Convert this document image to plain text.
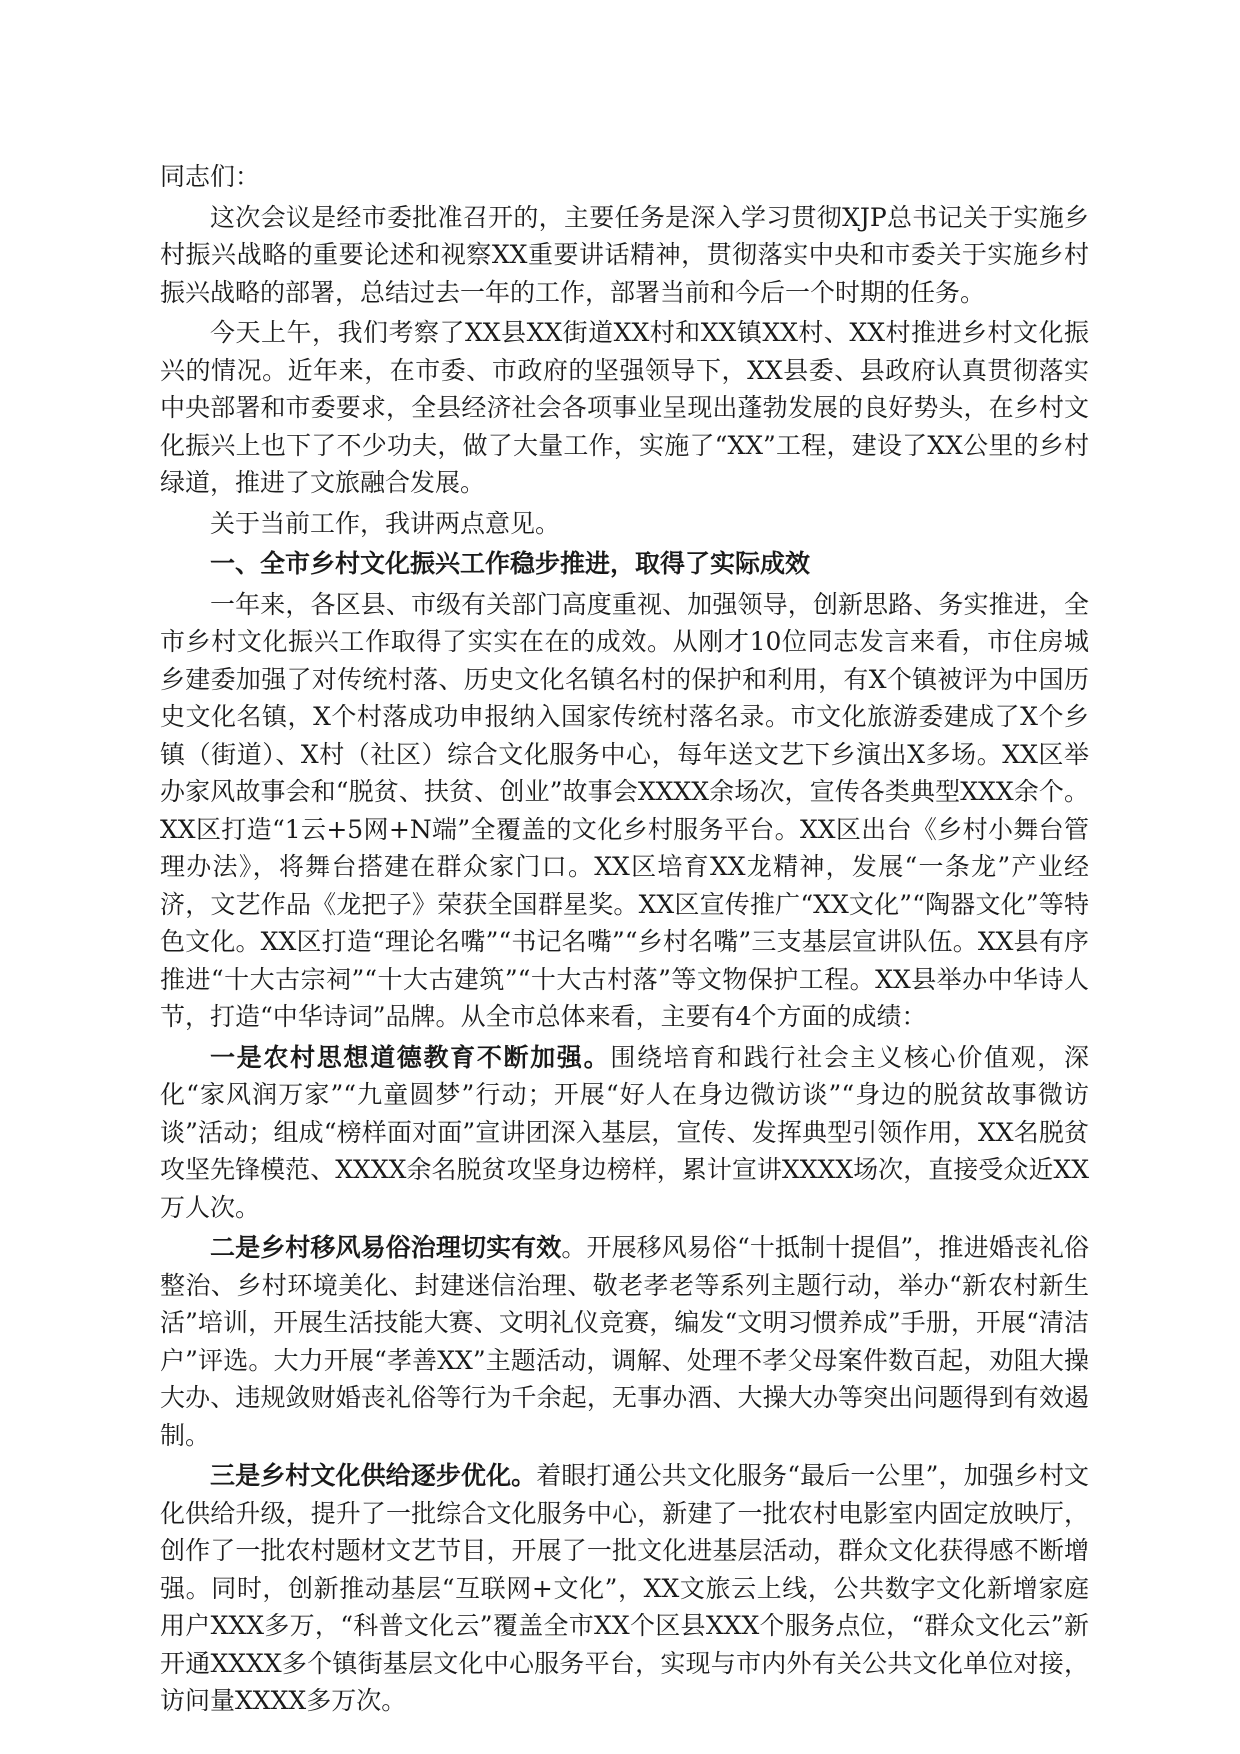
同志们：

这次会议是经市委批准召开的，主要任务是深入学习贯彻XJP总书记关于实施乡村振兴战略的重要论述和视察XX重要讲话精神，贯彻落实中央和市委关于实施乡村振兴战略的部署，总结过去一年的工作，部署当前和今后一个时期的任务。

今天上午，我们考察了XX县XX街道XX村和XX镇XX村、XX村推进乡村文化振兴的情况。近年来，在市委、市政府的坚强领导下，XX县委、县政府认真贯彻落实中央部署和市委要求，全县经济社会各项事业呈现出蓬勃发展的良好势头，在乡村文化振兴上也下了不少功夫，做了大量工作，实施了“XX”工程，建设了XX公里的乡村绿道，推进了文旅融合发展。

关于当前工作，我讲两点意见。

一、全市乡村文化振兴工作稳步推进，取得了实际成效

一年来，各区县、市级有关部门高度重视、加强领导，创新思路、务实推进，全市乡村文化振兴工作取得了实实在在的成效。从刚才10位同志发言来看，市住房城乡建委加强了对传统村落、历史文化名镇名村的保护和利用，有X个镇被评为中国历史文化名镇，X个村落成功申报纳入国家传统村落名录。市文化旅游委建成了X个乡镇（街道）、X村（社区）综合文化服务中心，每年送文艺下乡演出X多场。XX区举办家风故事会和“脱贫、扶贫、创业”故事会XXXX余场次，宣传各类典型XXX余个。XX区打造“1云+5网+N端”全覆盖的文化乡村服务平台。XX区出台《乡村小舞台管理办法》，将舞台搭建在群众家门口。XX区培育XX龙精神，发展“一条龙”产业经济，文艺作品《龙把子》荣获全国群星奖。XX区宣传推广“XX文化”“陶器文化”等特色文化。XX区打造“理论名嘴”“书记名嘴”“乡村名嘴”三支基层宣讲队伍。XX县有序推进“十大古宗祠”“十大古建筑”“十大古村落”等文物保护工程。XX县举办中华诗人节，打造“中华诗词”品牌。从全市总体来看，主要有4个方面的成绩：

一是农村思想道德教育不断加强。围绕培育和践行社会主义核心价值观，深化“家风润万家”“九童圆梦”行动；开展“好人在身边微访谈”“身边的脱贫故事微访谈”活动；组成“榜样面对面”宣讲团深入基层，宣传、发挥典型引领作用，XX名脱贫攻坚先锋模范、XXXX余名脱贫攻坚身边榜样，累计宣讲XXXX场次，直接受众近XX万人次。

二是乡村移风易俗治理切实有效。开展移风易俗“十抵制十提倡”，推进婚丧礼俗整治、乡村环境美化、封建迷信治理、敬老孝老等系列主题行动，举办“新农村新生活”培训，开展生活技能大赛、文明礼仪竞赛，编发“文明习惯养成”手册，开展“清洁户”评选。大力开展“孝善XX”主题活动，调解、处理不孝父母案件数百起，劝阻大操大办、违规敛财婚丧礼俗等行为千余起，无事办酒、大操大办等突出问题得到有效遏制。

三是乡村文化供给逐步优化。着眼打通公共文化服务“最后一公里”，加强乡村文化供给升级，提升了一批综合文化服务中心，新建了一批农村电影室内固定放映厅，创作了一批农村题材文艺节目，开展了一批文化进基层活动，群众文化获得感不断增强。同时，创新推动基层“互联网+文化”，XX文旅云上线，公共数字文化新增家庭用户XXX多万，“科普文化云”覆盖全市XX个区县XXX个服务点位，“群众文化云”新开通XXXX多个镇街基层文化中心服务平台，实现与市内外有关公共文化单位对接，访问量XXXX多万次。
